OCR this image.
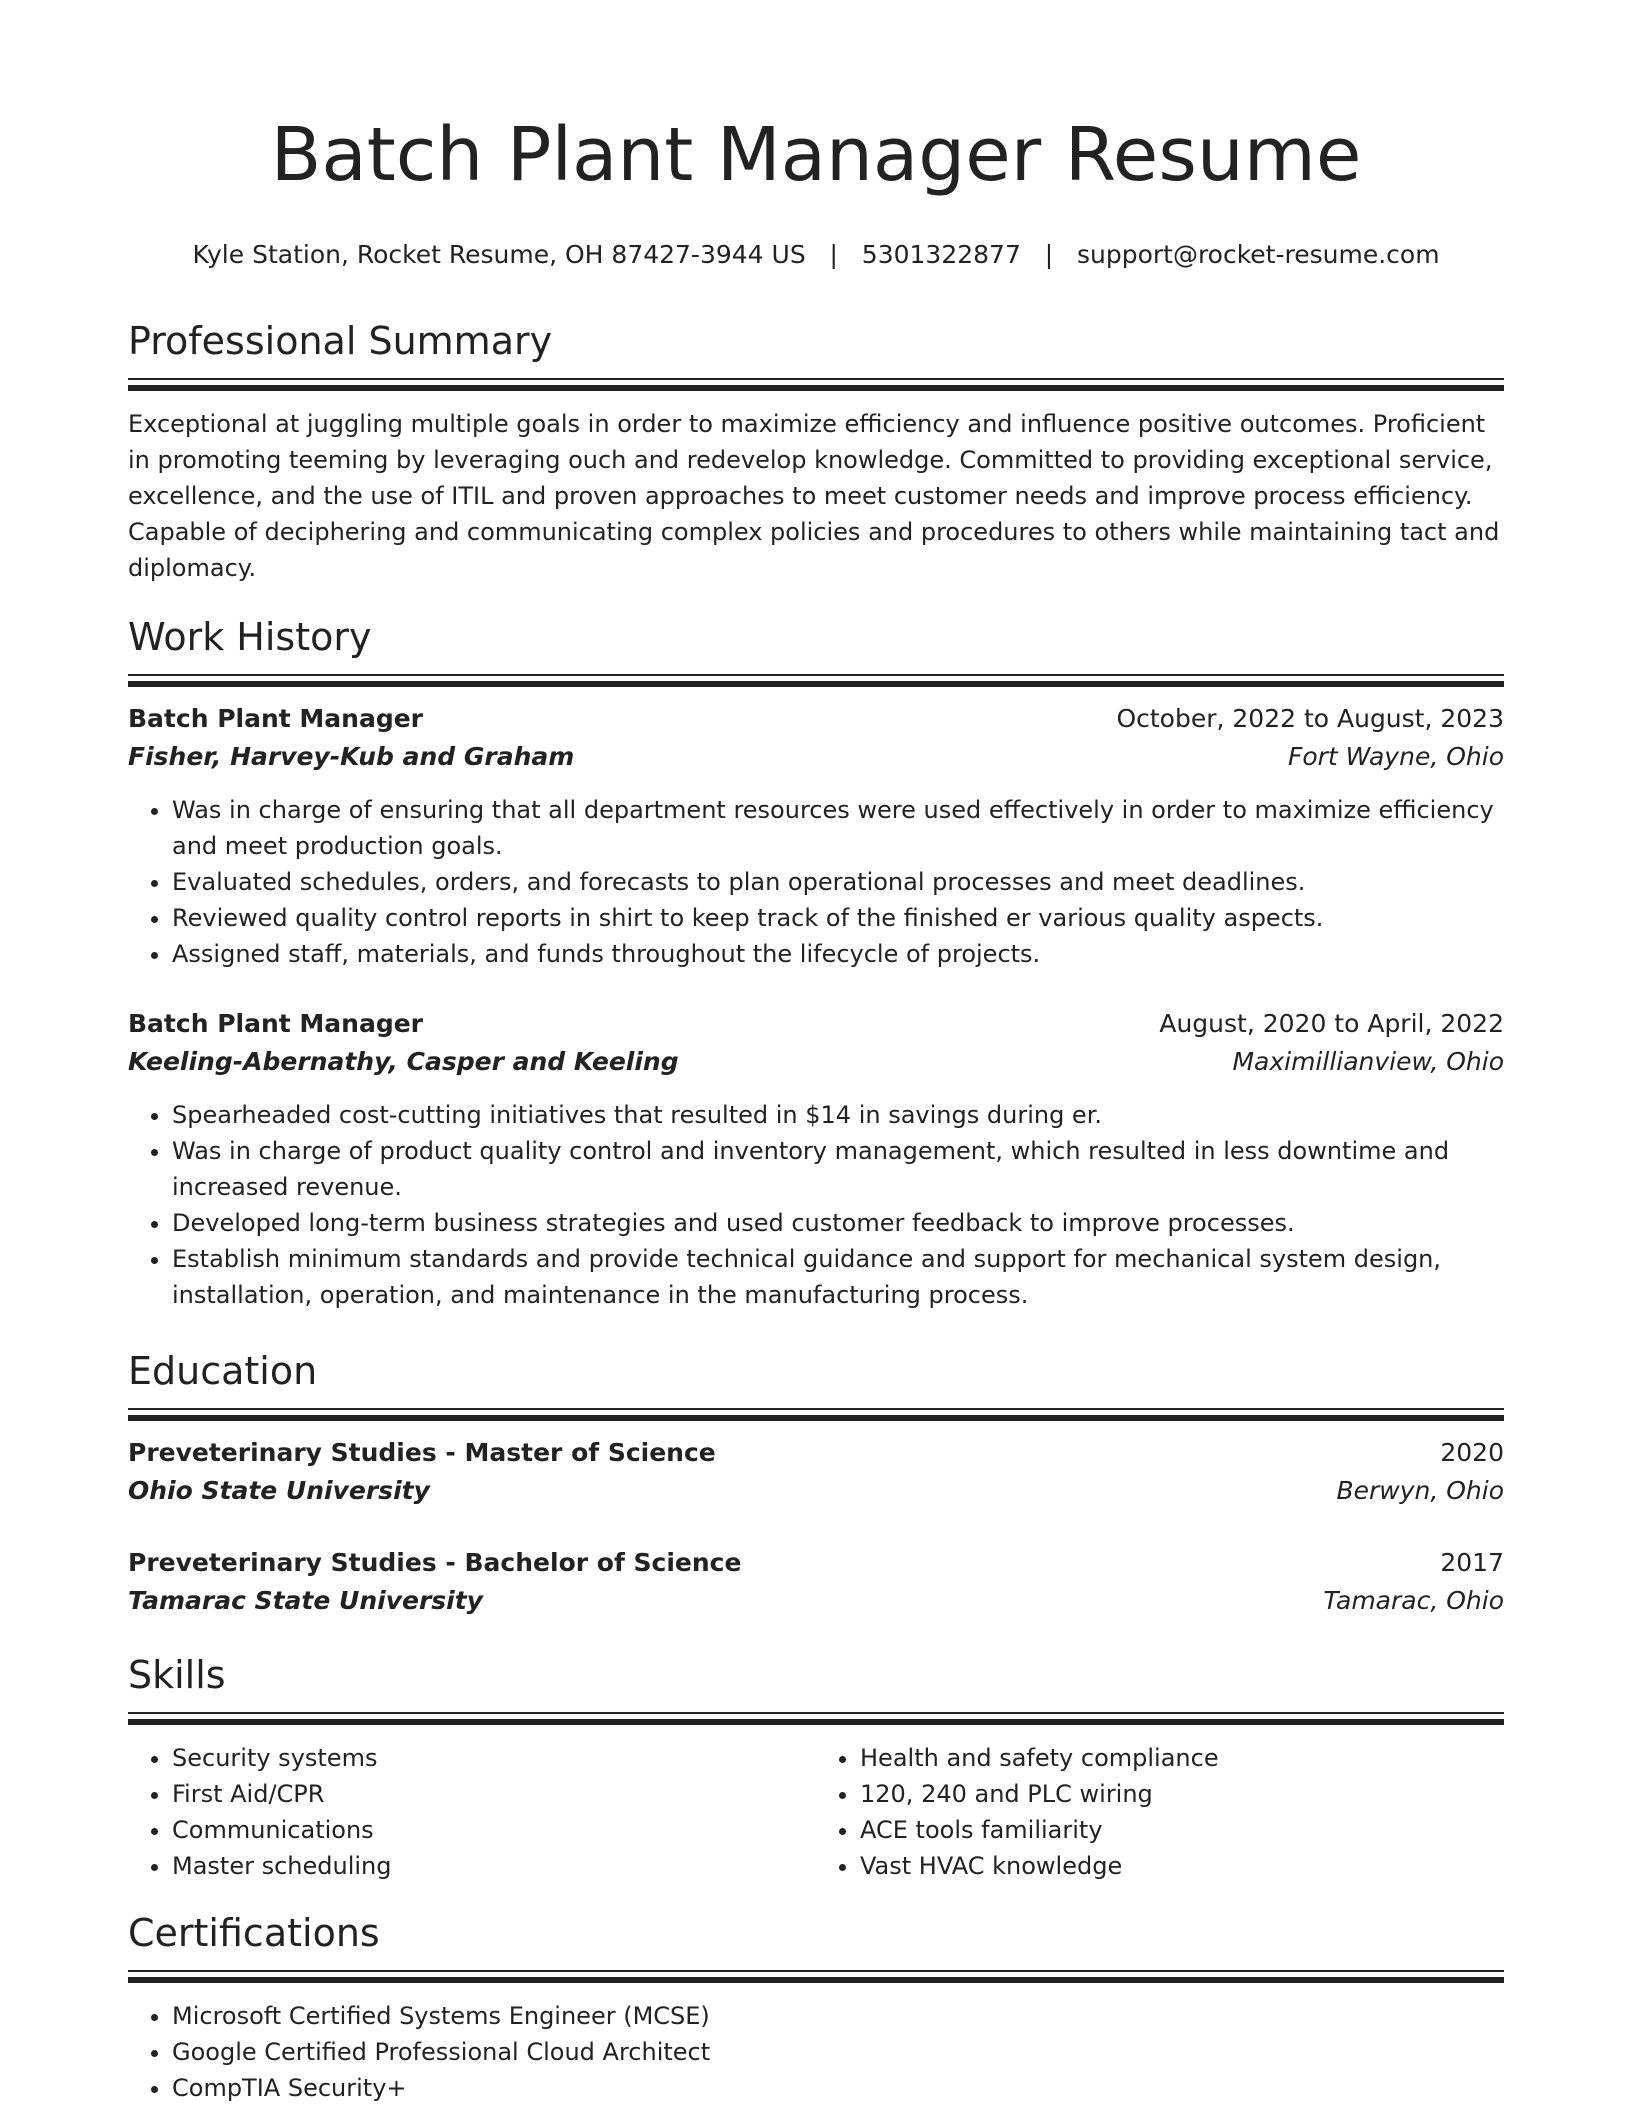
Batch Plant Manager Resume
Kyle Station, Rocket Resume, OH 87427-3944 US   |   5301322877   |   support@rocket-resume.com
Professional Summary
Exceptional at juggling multiple goals in order to maximize efficiency and influence positive outcomes. Proficient in promoting teeming by leveraging ouch and redevelop knowledge. Committed to providing exceptional service, excellence, and the use of ITIL and proven approaches to meet customer needs and improve process efficiency. Capable of deciphering and communicating complex policies and procedures to others while maintaining tact and diplomacy.
Work History
Batch Plant Manager	October, 2022 to August, 2023
Fisher, Harvey-Kub and Graham	Fort Wayne, Ohio
• Was in charge of ensuring that all department resources were used effectively in order to maximize efficiency and meet production goals.
• Evaluated schedules, orders, and forecasts to plan operational processes and meet deadlines.
• Reviewed quality control reports in shirt to keep track of the finished er various quality aspects.
• Assigned staff, materials, and funds throughout the lifecycle of projects.
Batch Plant Manager	August, 2020 to April, 2022
Keeling-Abernathy, Casper and Keeling	Maximillianview, Ohio
• Spearheaded cost-cutting initiatives that resulted in $14 in savings during er.
• Was in charge of product quality control and inventory management, which resulted in less downtime and increased revenue.
• Developed long-term business strategies and used customer feedback to improve processes.
• Establish minimum standards and provide technical guidance and support for mechanical system design, installation, operation, and maintenance in the manufacturing process.
Education
Preveterinary Studies - Master of Science	2020
Ohio State University	Berwyn, Ohio
Preveterinary Studies - Bachelor of Science	2017
Tamarac State University	Tamarac, Ohio
Skills
• Security systems
• First Aid/CPR
• Communications
• Master scheduling
• Health and safety compliance
• 120, 240 and PLC wiring
• ACE tools familiarity
• Vast HVAC knowledge
Certifications
• Microsoft Certified Systems Engineer (MCSE)
• Google Certified Professional Cloud Architect
• CompTIA Security+
